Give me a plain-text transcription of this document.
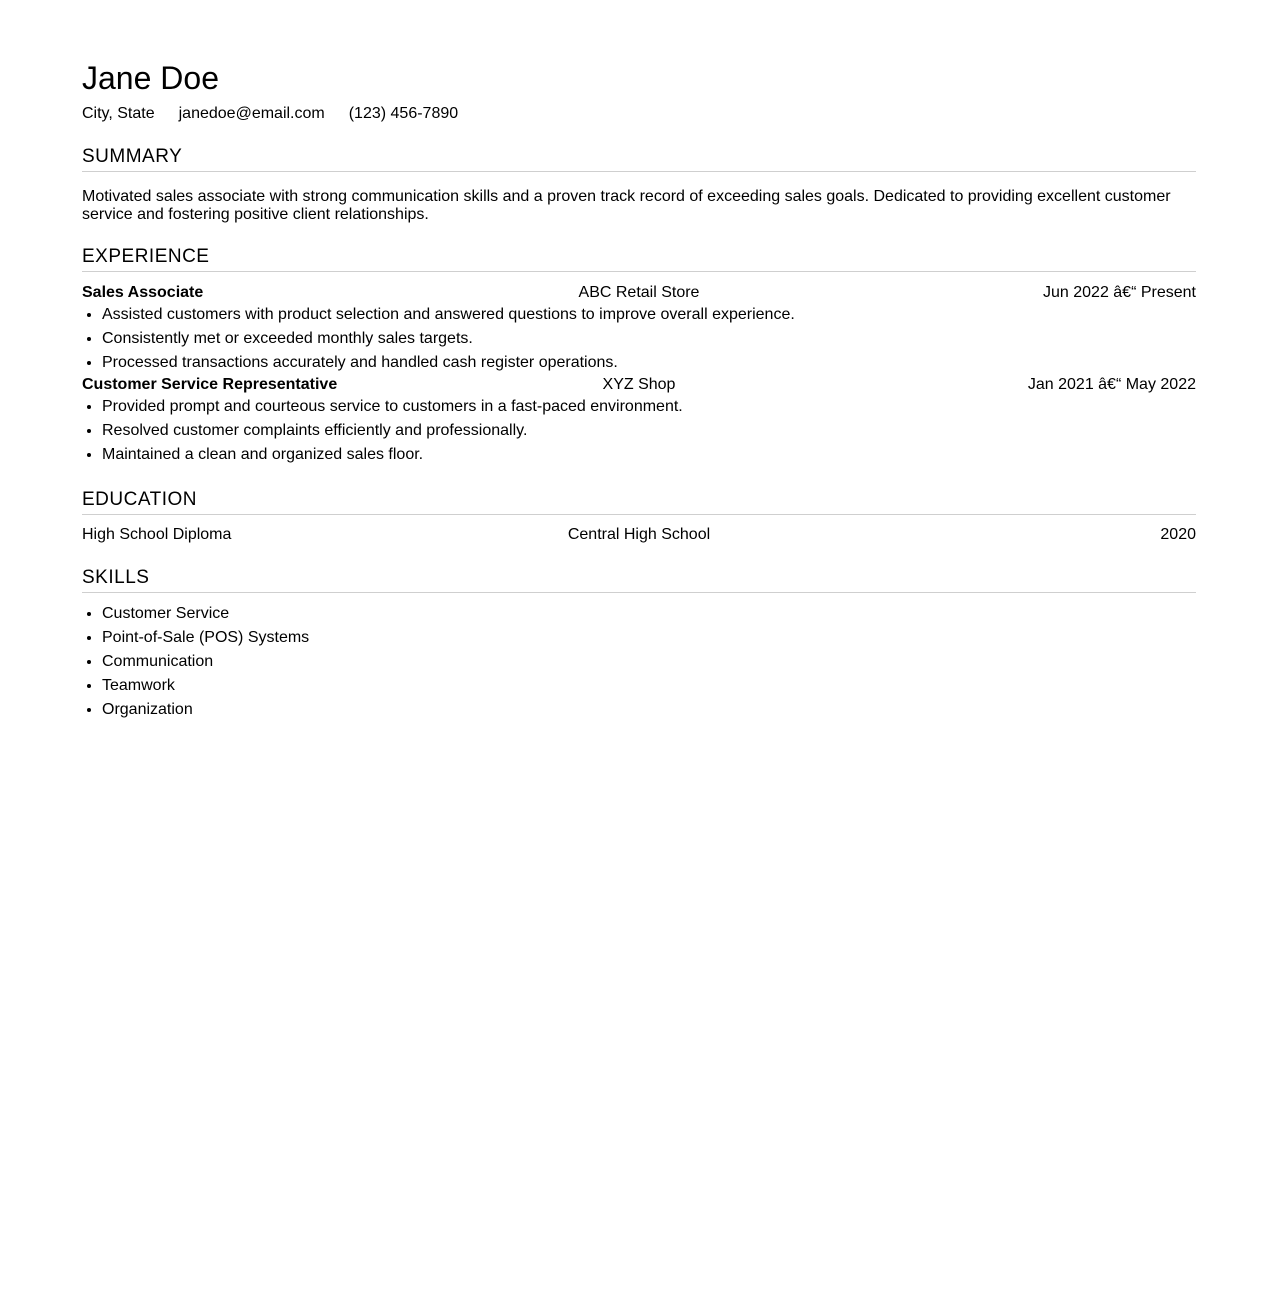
Jane Doe
City, State janedoe@email.com (123) 456-7890
SUMMARY
Motivated sales associate with strong communication skills and a proven track record of exceeding sales goals. Dedicated to providing excellent customer service and fostering positive client relationships.
EXPERIENCE
Sales Associate	ABC Retail Store	Jun 2022 â€“ Present
• Assisted customers with product selection and answered questions to improve overall experience.
• Consistently met or exceeded monthly sales targets.
• Processed transactions accurately and handled cash register operations.
Customer Service Representative	XYZ Shop	Jan 2021 â€“ May 2022
• Provided prompt and courteous service to customers in a fast-paced environment.
• Resolved customer complaints efficiently and professionally.
• Maintained a clean and organized sales floor.
EDUCATION
High School Diploma	Central High School	2020
SKILLS
• Customer Service
• Point-of-Sale (POS) Systems
• Communication
• Teamwork
• Organization
